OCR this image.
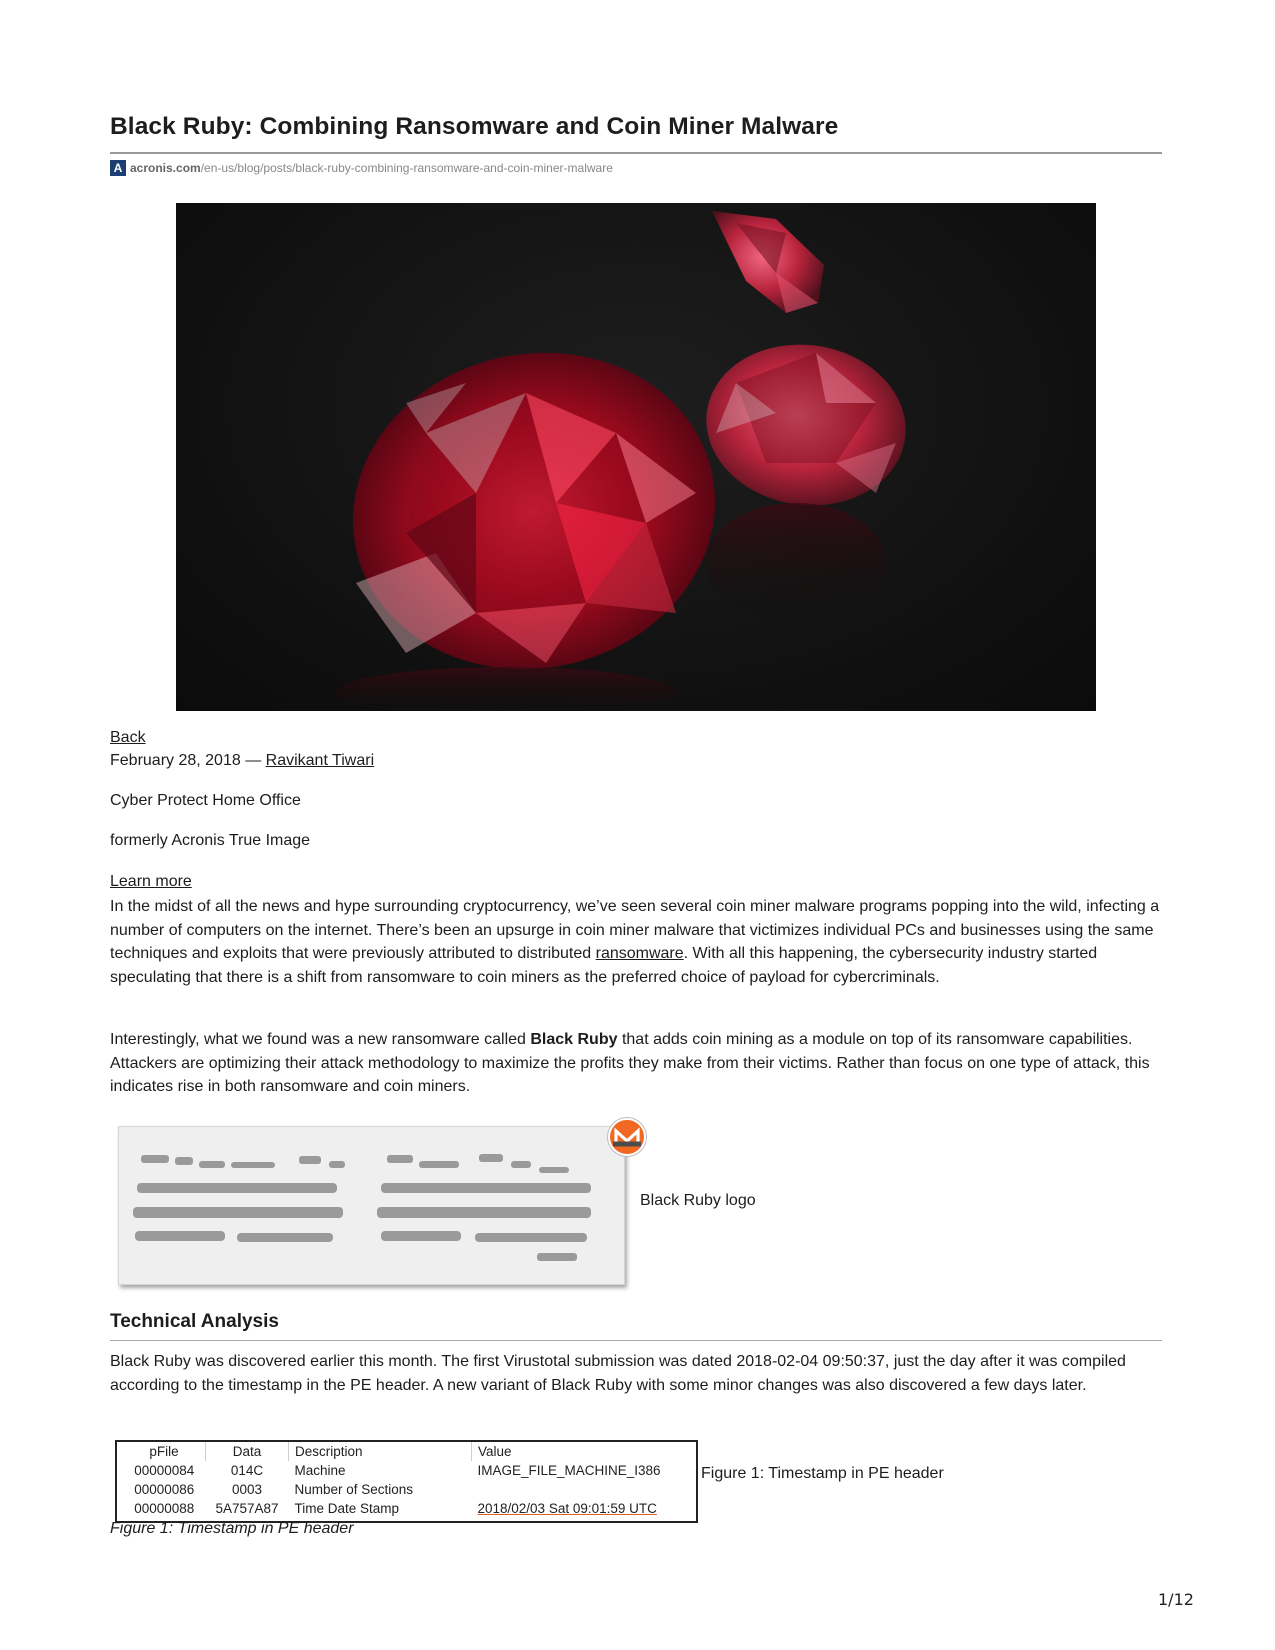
Black Ruby: Combining Ransomware and Coin Miner Malware
A acronis.com /en-us/blog/posts/black-ruby-combining-ransomware-and-coin-miner-malware
Back
February 28, 2018 — Ravikant Tiwari
Cyber Protect Home Office
formerly Acronis True Image
Learn more

In the midst of all the news and hype surrounding cryptocurrency, we’ve seen several coin miner malware programs popping into the wild, infecting a number of computers on the internet. There’s been an upsurge in coin miner malware that victimizes individual PCs and businesses using the same techniques and exploits that were previously attributed to distributed ransomware. With all this happening, the cybersecurity industry started speculating that there is a shift from ransomware to coin miners as the preferred choice of payload for cybercriminals.

Interestingly, what we found was a new ransomware called Black Ruby that adds coin mining as a module on top of its ransomware capabilities. Attackers are optimizing their attack methodology to maximize the profits they make from their victims. Rather than focus on one type of attack, this indicates rise in both ransomware and coin miners.

Black Ruby logo
Technical Analysis

Black Ruby was discovered earlier this month. The first Virustotal submission was dated 2018-02-04 09:50:37, just the day after it was compiled according to the timestamp in the PE header. A new variant of Black Ruby with some minor changes was also discovered a few days later.

pFile	Data	Description	Value
00000084	014C	Machine	IMAGE_FILE_MACHINE_I386
00000086	0003	Number of Sections	
00000088	5A757A87	Time Date Stamp	2018/02/03 Sat 09:01:59 UTC
Figure 1: Timestamp in PE header
Figure 1: Timestamp in PE header
1/12
